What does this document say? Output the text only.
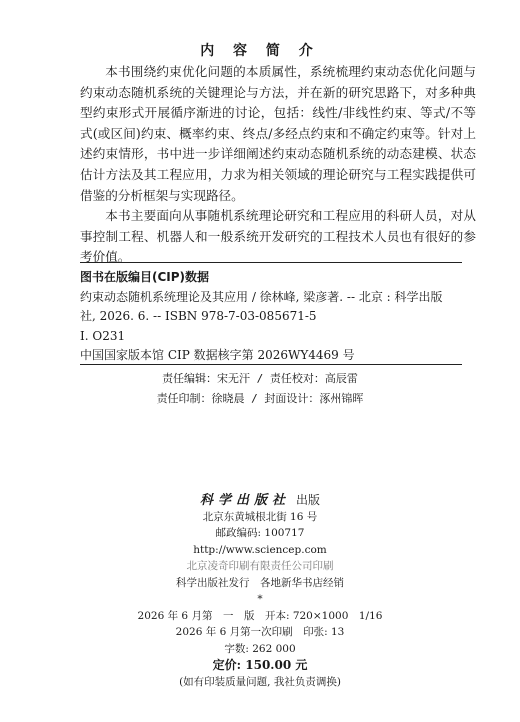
内 容 简 介

本书围绕约束优化问题的本质属性，系统梳理约束动态优化问题与约束动态随机系统的关键理论与方法，并在新的研究思路下，对多种典型约束形式开展循序渐进的讨论，包括：线性/非线性约束、等式/不等式(或区间)约束、概率约束、终点/多经点约束和不确定约束等。针对上述约束情形，书中进一步详细阐述约束动态随机系统的动态建模、状态估计方法及其工程应用，力求为相关领域的理论研究与工程实践提供可借鉴的分析框架与实现路径。

本书主要面向从事随机系统理论研究和工程应用的科研人员，对从事控制工程、机器人和一般系统开发研究的工程技术人员也有很好的参考价值。

图书在版编目(CIP)数据
约束动态随机系统理论及其应用 / 徐林峰, 梁彦著. -- 北京 : 科学出版
社, 2026. 6. -- ISBN 978-7-03-085671-5
I. O231
中国国家版本馆 CIP 数据核字第 2026WY4469 号
责任编辑：宋无汗 / 责任校对：高辰雷
责任印制：徐晓晨 / 封面设计：涿州锦晖
科学出版社 出版
北京东黄城根北街 16 号
邮政编码: 100717
http://www.sciencep.com
北京凌奇印刷有限责任公司印刷
科学出版社发行　各地新华书店经销
*
2026 年 6 月第　一　版　开本: 720×1000　1/16
2026 年 6 月第一次印刷　印张: 13
字数: 262 000
定价: 150.00 元
(如有印装质量问题, 我社负责调换)
